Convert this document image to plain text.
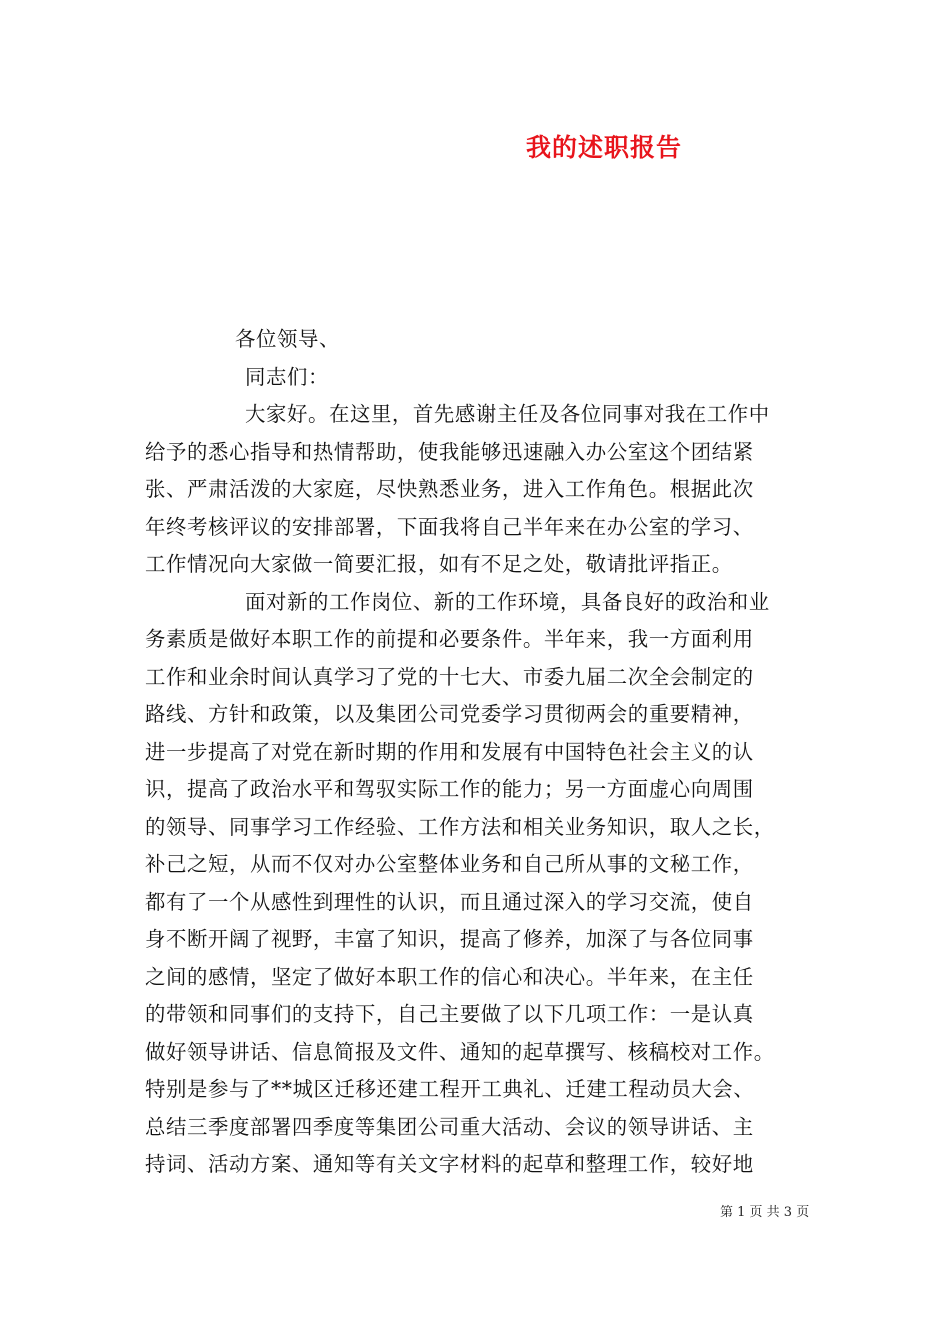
我的述职报告
各位领导、
同志们：
大家好。在这里，首先感谢主任及各位同事对我在工作中
给予的悉心指导和热情帮助，使我能够迅速融入办公室这个团结紧
张、严肃活泼的大家庭，尽快熟悉业务，进入工作角色。根据此次
年终考核评议的安排部署，下面我将自己半年来在办公室的学习、
工作情况向大家做一简要汇报，如有不足之处，敬请批评指正。
面对新的工作岗位、新的工作环境，具备良好的政治和业
务素质是做好本职工作的前提和必要条件。半年来，我一方面利用
工作和业余时间认真学习了党的十七大、市委九届二次全会制定的
路线、方针和政策，以及集团公司党委学习贯彻两会的重要精神，
进一步提高了对党在新时期的作用和发展有中国特色社会主义的认
识，提高了政治水平和驾驭实际工作的能力；另一方面虚心向周围
的领导、同事学习工作经验、工作方法和相关业务知识，取人之长，
补己之短，从而不仅对办公室整体业务和自己所从事的文秘工作，
都有了一个从感性到理性的认识，而且通过深入的学习交流，使自
身不断开阔了视野，丰富了知识，提高了修养，加深了与各位同事
之间的感情，坚定了做好本职工作的信心和决心。半年来，在主任
的带领和同事们的支持下，自己主要做了以下几项工作：一是认真
做好领导讲话、信息简报及文件、通知的起草撰写、核稿校对工作。
特别是参与了**城区迁移还建工程开工典礼、迁建工程动员大会、
总结三季度部署四季度等集团公司重大活动、会议的领导讲话、主
持词、活动方案、通知等有关文字材料的起草和整理工作，较好地
第 1 页 共 3 页
